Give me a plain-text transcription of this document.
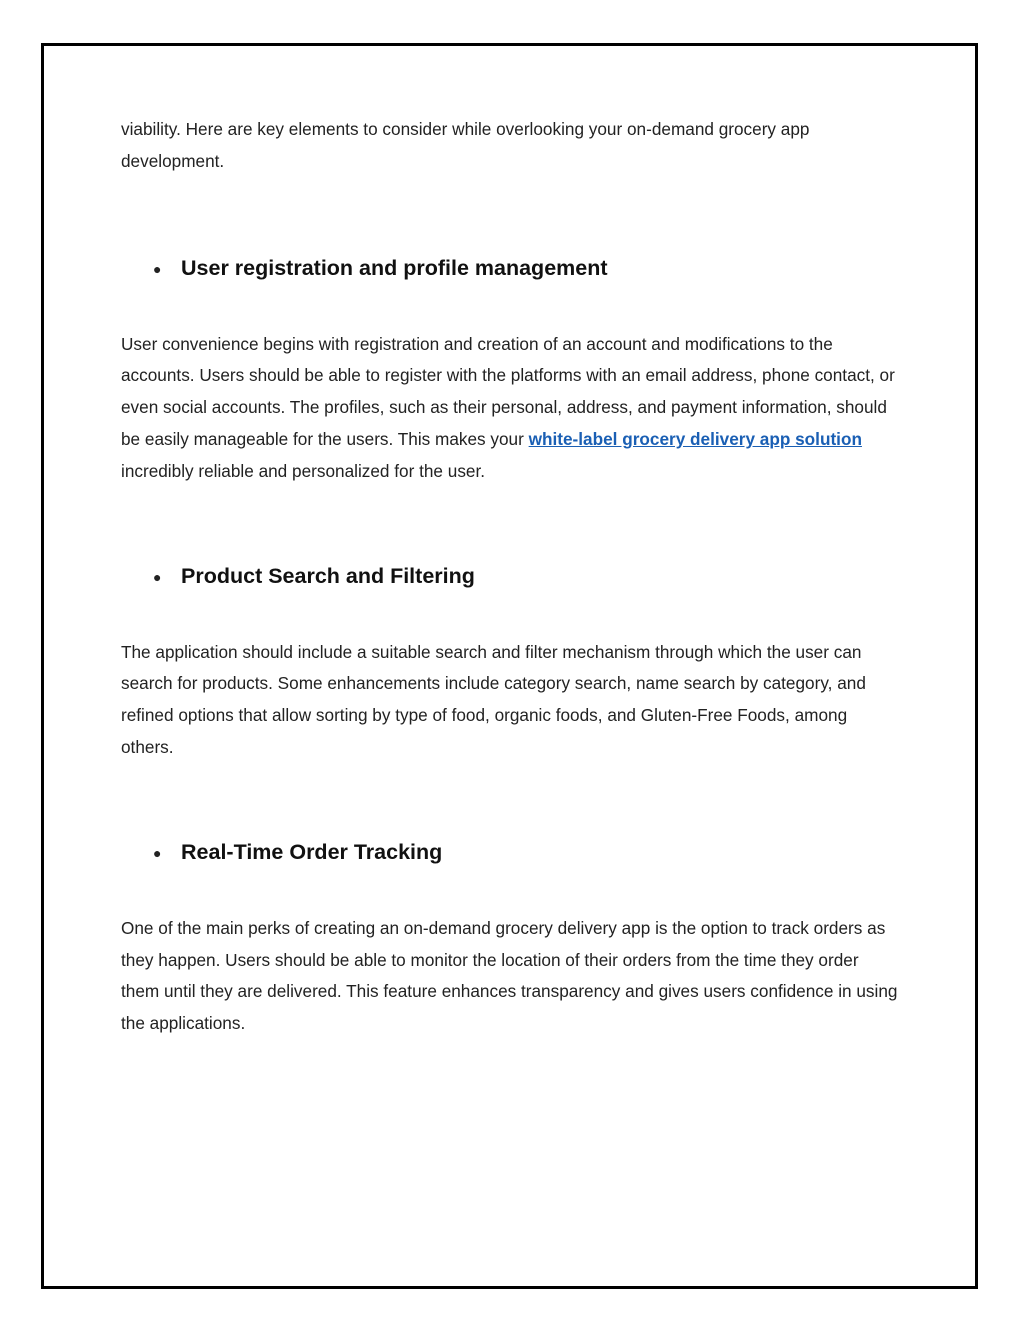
viability. Here are key elements to consider while overlooking your on-demand grocery app development.

● User registration and profile management

User convenience begins with registration and creation of an account and modifications to the accounts. Users should be able to register with the platforms with an email address, phone contact, or even social accounts. The profiles, such as their personal, address, and payment information, should be easily manageable for the users. This makes your white-label grocery delivery app solution incredibly reliable and personalized for the user.

● Product Search and Filtering

The application should include a suitable search and filter mechanism through which the user can search for products. Some enhancements include category search, name search by category, and refined options that allow sorting by type of food, organic foods, and Gluten-Free Foods, among others.

● Real-Time Order Tracking

One of the main perks of creating an on-demand grocery delivery app is the option to track orders as they happen. Users should be able to monitor the location of their orders from the time they order them until they are delivered. This feature enhances transparency and gives users confidence in using the applications.
